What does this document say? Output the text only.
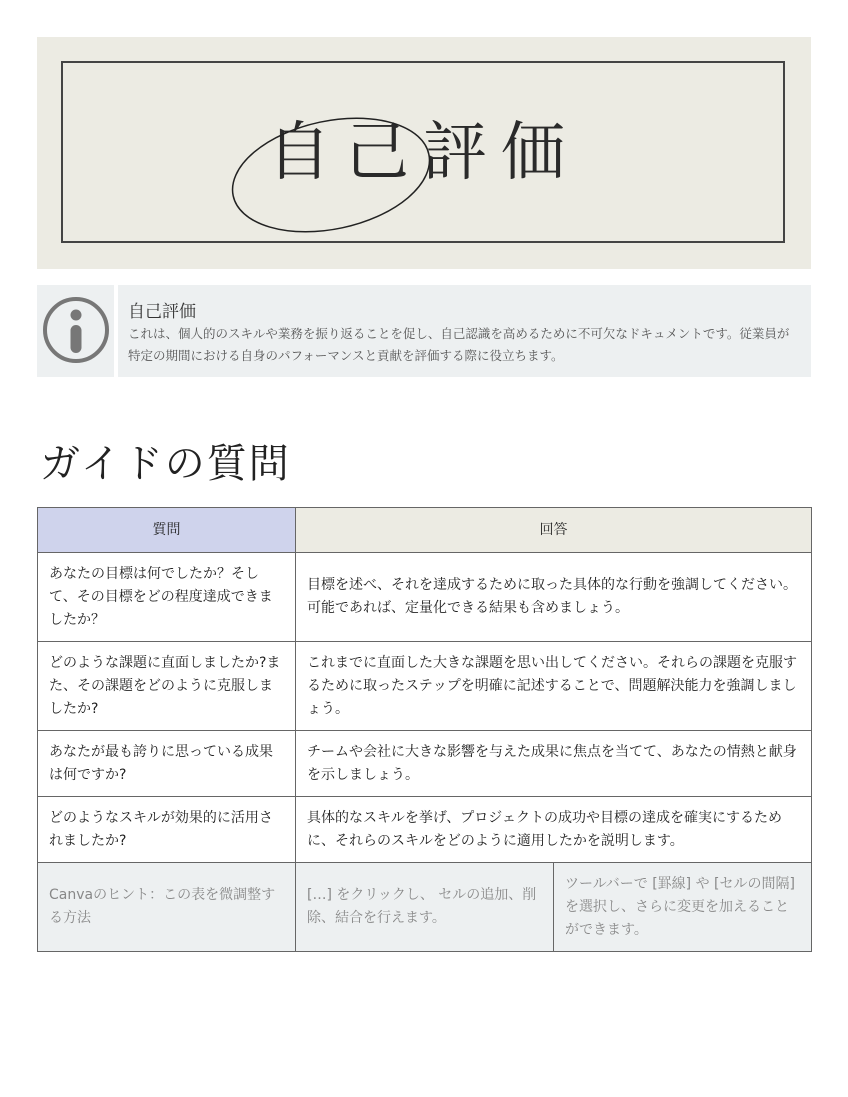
自己評価
自己評価
これは、個人的のスキルや業務を振り返ることを促し、自己認識を高めるために不可欠なドキュメントです。従業員が特定の期間における自身のパフォーマンスと貢献を評価する際に役立ちます。
ガイドの質問
質問	回答	
あなたの目標は何でしたか？そして、その目標をどの程度達成できましたか？	目標を述べ、それを達成するために取った具体的な行動を強調してください。可能であれば、定量化できる結果も含めましょう。	
どのような課題に直面しましたか?また、その課題をどのように克服しましたか?	これまでに直面した大きな課題を思い出してください。それらの課題を克服するために取ったステップを明確に記述することで、問題解決能力を強調しましょう。	
あなたが最も誇りに思っている成果は何ですか?	チームや会社に大きな影響を与えた成果に焦点を当てて、あなたの情熱と献身を示しましょう。	
どのようなスキルが効果的に活用されましたか?	具体的なスキルを挙げ、プロジェクトの成功や目標の達成を確実にするために、それらのスキルをどのように適用したかを説明します。	
Canvaのヒント：この表を微調整する方法	[…] をクリックし、 セルの追加、削除、結合を行えます。	ツールバーで [罫線] や [セルの間隔] を選択し、さらに変更を加えることができます。
